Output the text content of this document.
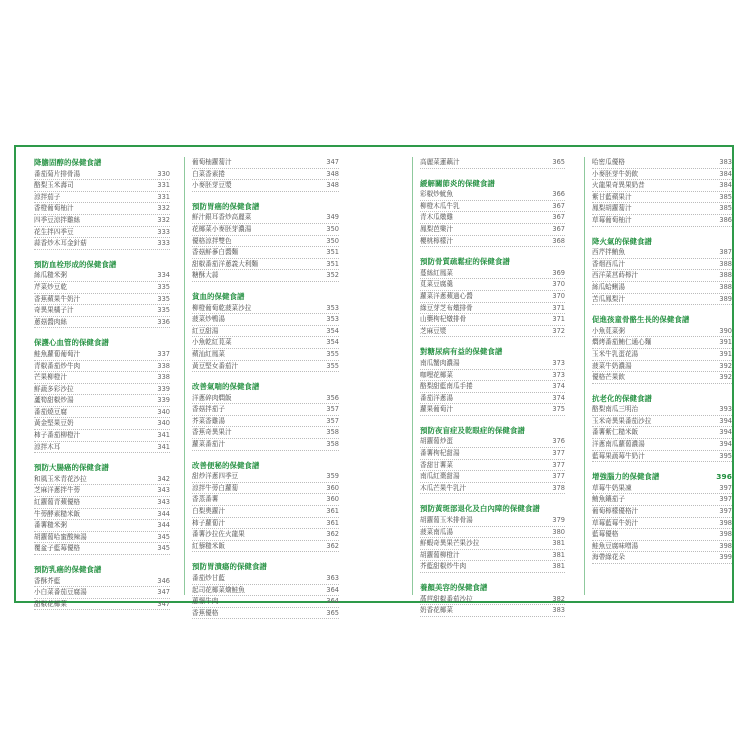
降膽固醇的保健食譜
番茄菊片排骨湯	330
酪梨玉米壽司	331
涼拌茄子	331
香橙葡萄柚汁	332
四季豆涼拌雞絲	332
花生拌四季豆	333
蒜香炒木耳金針菇	333
預防血栓形成的保健食譜
絲瓜糙米粥	334
芹菜炒豆乾	335
香蕉蘋果牛奶汁	335
奇異果橘子汁	335
蔥菇醬肉絲	336
保護心血管的保健食譜
鮭魚蘿蔔葡萄汁	337
青椒番茄炒牛肉	338
芒果柳橙汁	338
鮮蔬多彩沙拉	339
蘆筍甜椒炒湯	339
番茄燒豆腐	340
黃金堅果豆奶	340
柿子番茄柳橙汁	341
涼拌木耳	341
預防大腸癌的保健食譜
和風玉米青花沙拉	342
芝麻洋蔥拌牛蒡	343
紅蘿蔔青蘋優格	343
牛蒡酵素糙米飯	344
番薯糙米粥	344
胡蘿蔔哈蜜酸辣湯	345
覆盆子藍莓優格	345
預防乳癌的保健食譜
香酥芥藍	346
小白菜番茄豆腐湯	347
甜椒花椰菜	347
葡萄柚蘿蔔汁	347
白菜香素捲	348
小麥胚芽豆漿	348
預防胃癌的保健食譜
鮮汁銀耳香炒高麗菜	349
花椰菜小麥胚芽濃湯	350
優格涼拌雙色	350
香菇鮮蔘白醬麵	351
甜椒番茄洋蔥義大利麵	351
糖酥大蒜	352
貧血的保健食譜
柳橙葡萄乾菠菜沙拉	353
菠菜炒鴨湯	353
紅豆甜湯	354
小魚乾紅莧菜	354
蘋汕紅鳳菜	355
黃豆堅女番茄汁	355
改善氣喘的保健食譜
洋蔥碎肉燜飯	356
香菇拌茄子	357
芥菜香雞湯	357
香蕉奇異果汁	358
蘿菜番茄汁	358
改善便秘的保健食譜
甜炒洋蔥四季豆	359
涼拌牛蒡白蘿蔔	360
香蒸番薯	360
白梨奧蘿汁	361
柿子蘿蔔汁	361
番薯沙拉佐火龍果	362
紅藜糙米飯	362
預防胃潰瘍的保健食譜
番茄炒甘藍	363
起司花椰菜燴鮭魚	364
蕙憬牛肉	364
香蕉優格	365
高麗菜蓮藕汁	365
緩解關節炎的保健食譜
彩椒炒魷魚	366
柳橙木瓜牛乳	367
青木瓜燉雞	367
鳳梨芭樂汁	367
櫻桃檸檬汁	368
預防骨質疏鬆症的保健食譜
蔓絲紅鳳菜	369
莧菜豆腐羹	370
蘿菜洋蔥蘋過心醬	370
綠豆芽芝布燉排骨	371
山藥枸杞燉排骨	371
芝麻豆漿	372
對糖尿病有益的保健食譜
南瓜蟹肉濃湯	373
咖哩花椰菜	373
酪梨甜藍南瓜手捲	374
番茄洋蔥湯	374
蘿果葡萄汁	375
預防夜盲症及乾眼症的保健食譜
胡蘿蔔炒蛋	376
番薯枸杞甜湯	377
香甜甘薯菜	377
南瓜紅棗甜湯	377
木瓜芒果牛乳汁	378
預防黃斑部退化及白內障的保健食譜
胡蘿蔔玉米排骨湯	379
菠菜南瓜湯	380
鮮蝦奇異果芒果沙拉	381
胡蘿蔔柳橙汁	381
芥藍甜椒炒牛肉	381
養顏美容的保健食譜
萵苣甜椒番茄沙拉	382
奶香花椰菜	383
哈密瓜優格	383
小麥胚芽牛奶飲	384
火龍果奇異果奶昔	384
紫甘藍蘋果汁	385
鳳梨胡蘿蔔汁	385
草莓葡萄柚汁	386
降火氣的保健食譜
西芹拌鮪魚	387
香烟西瓜汁	388
西洋菜莒蒔檸汁	388
絲瓜蛤蜊湯	388
苦瓜鳳梨汁	389
促進孩童骨骼生長的保健食譜
小魚莧菜粥	390
燜烤番茄鮪仁通心麵	391
玉米牛乳蛋花湯	391
菠菜牛奶濃湯	392
優格芒果飲	392
抗老化的保健食譜
酪梨南瓜三明治	393
玉米奇異果番茄沙拉	394
番薯紫仁糙米飯	394
洋蔥南瓜蘿蔔濃湯	394
藍莓果蔬莓牛奶汁	395
增強腦力的保健食譜	396
草莓牛奶果凍	397
鮪魚鑲茄子	397
葡萄檸檬優格汁	397
草莓藍莓牛奶汁	398
藍莓優格	398
鮭魚豆腐味噌湯	398
海帶綠花朵	399
